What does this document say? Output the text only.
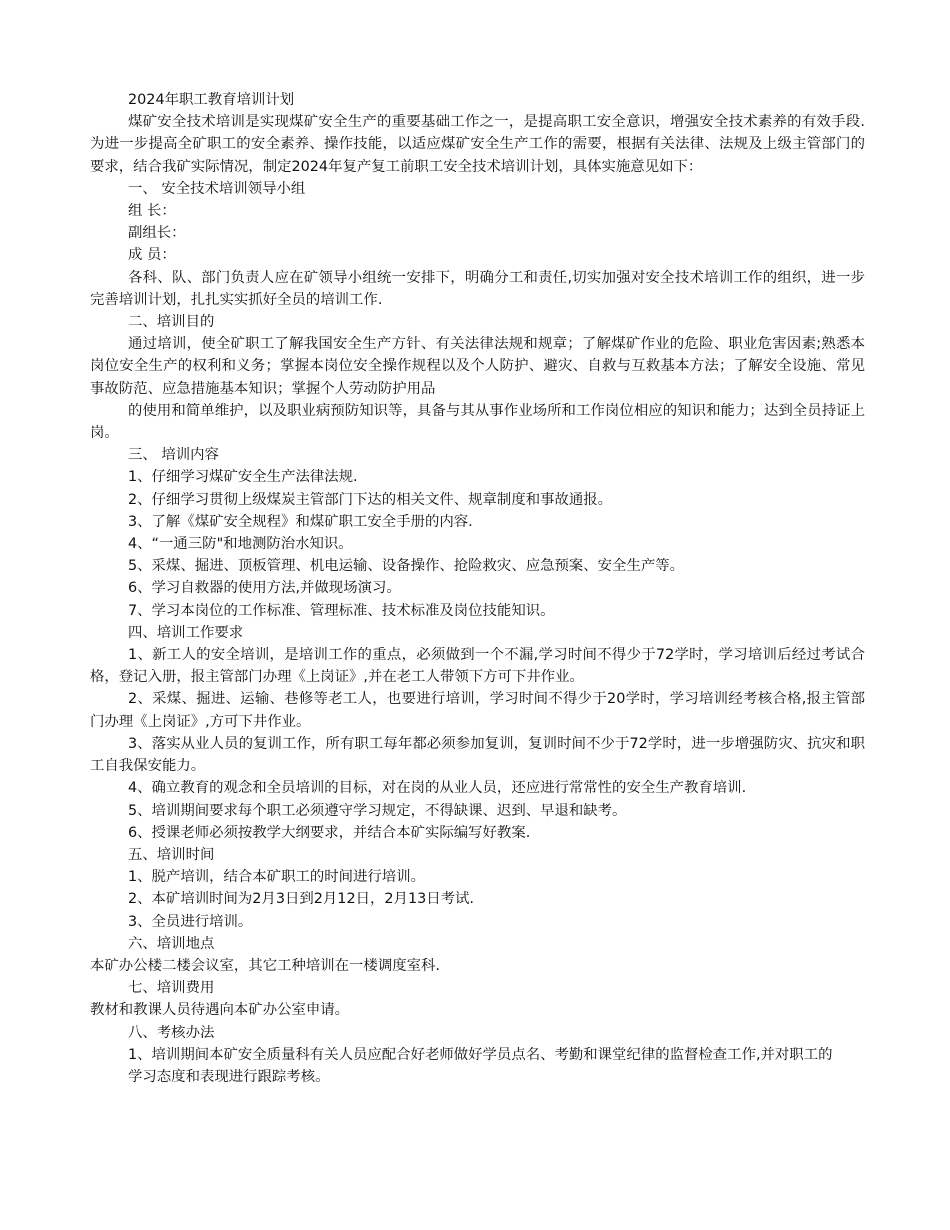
2024年职工教育培训计划

煤矿安全技术培训是实现煤矿安全生产的重要基础工作之一，是提高职工安全意识，增强安全技术素养的有效手段.为进一步提高全矿职工的安全素养、操作技能，以适应煤矿安全生产工作的需要，根据有关法律、法规及上级主管部门的要求，结合我矿实际情况，制定2024年复产复工前职工安全技术培训计划，具体实施意见如下：

一、 安全技术培训领导小组

组 长：

副组长：

成 员：

各科、队、部门负责人应在矿领导小组统一安排下，明确分工和责任,切实加强对安全技术培训工作的组织，进一步完善培训计划，扎扎实实抓好全员的培训工作.

二、培训目的

通过培训，使全矿职工了解我国安全生产方针、有关法律法规和规章；了解煤矿作业的危险、职业危害因素;熟悉本岗位安全生产的权利和义务；掌握本岗位安全操作规程以及个人防护、避灾、自救与互救基本方法；了解安全设施、常见事故防范、应急措施基本知识；掌握个人劳动防护用品

的使用和简单维护，以及职业病预防知识等，具备与其从事作业场所和工作岗位相应的知识和能力；达到全员持证上岗。

三、 培训内容

1、仔细学习煤矿安全生产法律法规.

2、仔细学习贯彻上级煤炭主管部门下达的相关文件、规章制度和事故通报。

3、了解《煤矿安全规程》和煤矿职工安全手册的内容.

4、“一通三防"和地测防治水知识。

5、采煤、掘进、顶板管理、机电运输、设备操作、抢险救灾、应急预案、安全生产等。

6、学习自救器的使用方法,并做现场演习。

7、学习本岗位的工作标准、管理标准、技术标准及岗位技能知识。

四、培训工作要求

1、新工人的安全培训，是培训工作的重点，必须做到一个不漏,学习时间不得少于72学时，学习培训后经过考试合格，登记入册，报主管部门办理《上岗证》,并在老工人带领下方可下井作业。

2、采煤、掘进、运输、巷修等老工人，也要进行培训，学习时间不得少于20学时，学习培训经考核合格,报主管部门办理《上岗证》,方可下井作业。

3、落实从业人员的复训工作，所有职工每年都必须参加复训，复训时间不少于72学时，进一步增强防灾、抗灾和职工自我保安能力。

4、确立教育的观念和全员培训的目标，对在岗的从业人员，还应进行常常性的安全生产教育培训.

5、培训期间要求每个职工必须遵守学习规定，不得缺课、迟到、早退和缺考。

6、授课老师必须按教学大纲要求，并结合本矿实际编写好教案.

五、培训时间

1、脱产培训，结合本矿职工的时间进行培训。

2、本矿培训时间为2月3日到2月12日，2月13日考试.

3、全员进行培训。

六、培训地点

本矿办公楼二楼会议室，其它工种培训在一楼调度室科.

七、培训费用

教材和教课人员待遇向本矿办公室申请。

八、考核办法

1、培训期间本矿安全质量科有关人员应配合好老师做好学员点名、考勤和课堂纪律的监督检查工作,并对职工的

学习态度和表现进行跟踪考核。
